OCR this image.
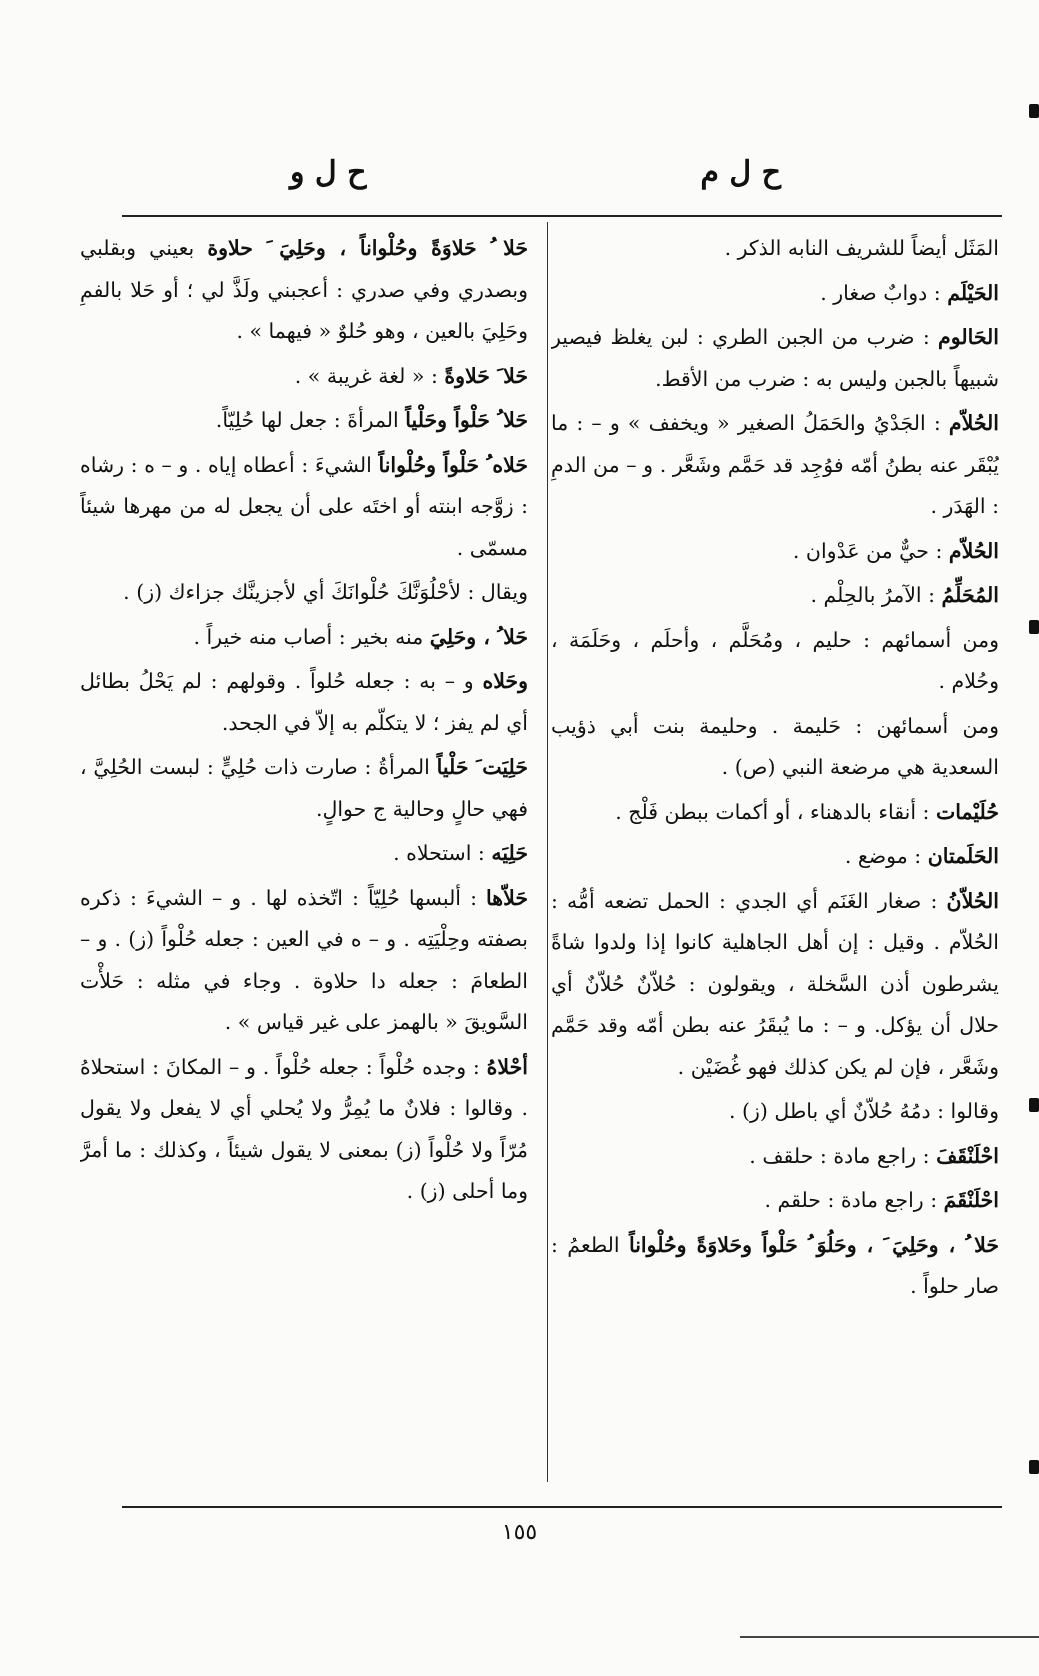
ح ل م
ح ل و

المَثَل أيضاً للشريف النابه الذكر .

الحَيْلَم : دوابٌ صغار .

الحَالوم : ضرب من الجبن الطري : لبن يغلظ فيصير شبيهاً بالجبن وليس به : ضرب من الأقط.

الحُلاّم : الجَدْيُ والحَمَلُ الصغير « ويخفف » و – : ما يُبْقَر عنه بطنُ أمّه فوُجِد قد حَمَّم وشَعَّر . و – من الدمِ : الهَدَر .

الحُلاّم : حيٌّ من عَدْوان .

المُحَلِّمُ : الآمرُ بالحِلْم .

ومن أسمائهم : حليم ، ومُحَلَّم ، وأحلَم ، وحَلَمَة ، وحُلام .

ومن أسمائهن : حَليمة . وحليمة بنت أبي ذؤيب السعدية هي مرضعة النبي (ص) .

حُلَيْمات : أنقاء بالدهناء ، أو أكمات ببطن فَلْج .

الحَلَمتان : موضع .

الحُلاّنُ : صغار الغَنَم أي الجدي : الحمل تضعه أمُّه : الحُلاّم . وقيل : إن أهل الجاهلية كانوا إذا ولدوا شاةً يشرطون أذن السَّخلة ، ويقولون : حُلاّنٌ حُلاّنٌ أي حلال أن يؤكل. و – : ما يُبقَرُ عنه بطن أمّه وقد حَمَّم وشَعَّر ، فإن لم يكن كذلك فهو غُضَيْن .

وقالوا : دمُهُ حُلاّنٌ أي باطل (ز) .

احْلَنْقَفَ : راجع مادة : حلقف .

احْلَنْقَمَ : راجع مادة : حلقم .

حَلا ُ ، وحَلِيَ َ ، وحَلُوَ ُ حَلْواً وحَلاوَةً وحُلْواناً الطعمُ : صار حلواً .

حَلا ُ حَلاوَةً وحُلْواناً ، وحَلِيَ َ حلاوة بعيني وبقلبي وبصدري وفي صدري : أعجبني ولَذَّ لي ؛ أو حَلا بالفمِ وحَلِيَ بالعين ، وهو حُلوٌ « فيهما » .

حَلا َ حَلاوةً : « لغة غريبة » .

حَلا ُ حَلْواً وحَلْياً المرأةَ : جعل لها حُلِيّاً.

حَلاه ُ حَلْواً وحُلْواناً الشيءَ : أعطاه إياه . و – ه : رشاه : زوَّجه ابنته أو اختَه على أن يجعل له من مهرها شيئاً مسمّى .

ويقال : لأحْلُوَنَّكَ حُلْوانَكَ أي لأجزينَّك جزاءك (ز) .

حَلا ُ ، وحَلِيَ منه بخير : أصاب منه خيراً .

وحَلاه و – به : جعله حُلواً . وقولهم : لم يَحْلُ بطائل أي لم يفز ؛ لا يتكلّم به إلاّ في الجحد.

حَلِيَت َ حَلْياً المرأةُ : صارت ذات حُلِيٍّ : لبست الحُلِيَّ ، فهي حالٍ وحالية ج حوالٍ.

حَلِيَه : استحلاه .

حَلاّها : ألبسها حُلِيّاً : اتّخذه لها . و – الشيءَ : ذكره بصفته وحِلْيَتِه . و – ه في العين : جعله حُلْواً (ز) . و – الطعامَ : جعله دا حلاوة . وجاء في مثله : حَلأْت السَّويقَ « بالهمز على غير قياس » .

أحْلاهُ : وجده حُلْواً : جعله حُلْواً . و – المكانَ : استحلاهُ . وقالوا : فلانٌ ما يُمِرُّ ولا يُحلي أي لا يفعل ولا يقول مُرّاً ولا حُلْواً (ز) بمعنى لا يقول شيئاً ، وكذلك : ما أمرَّ وما أحلى (ز) .

١٥٥
